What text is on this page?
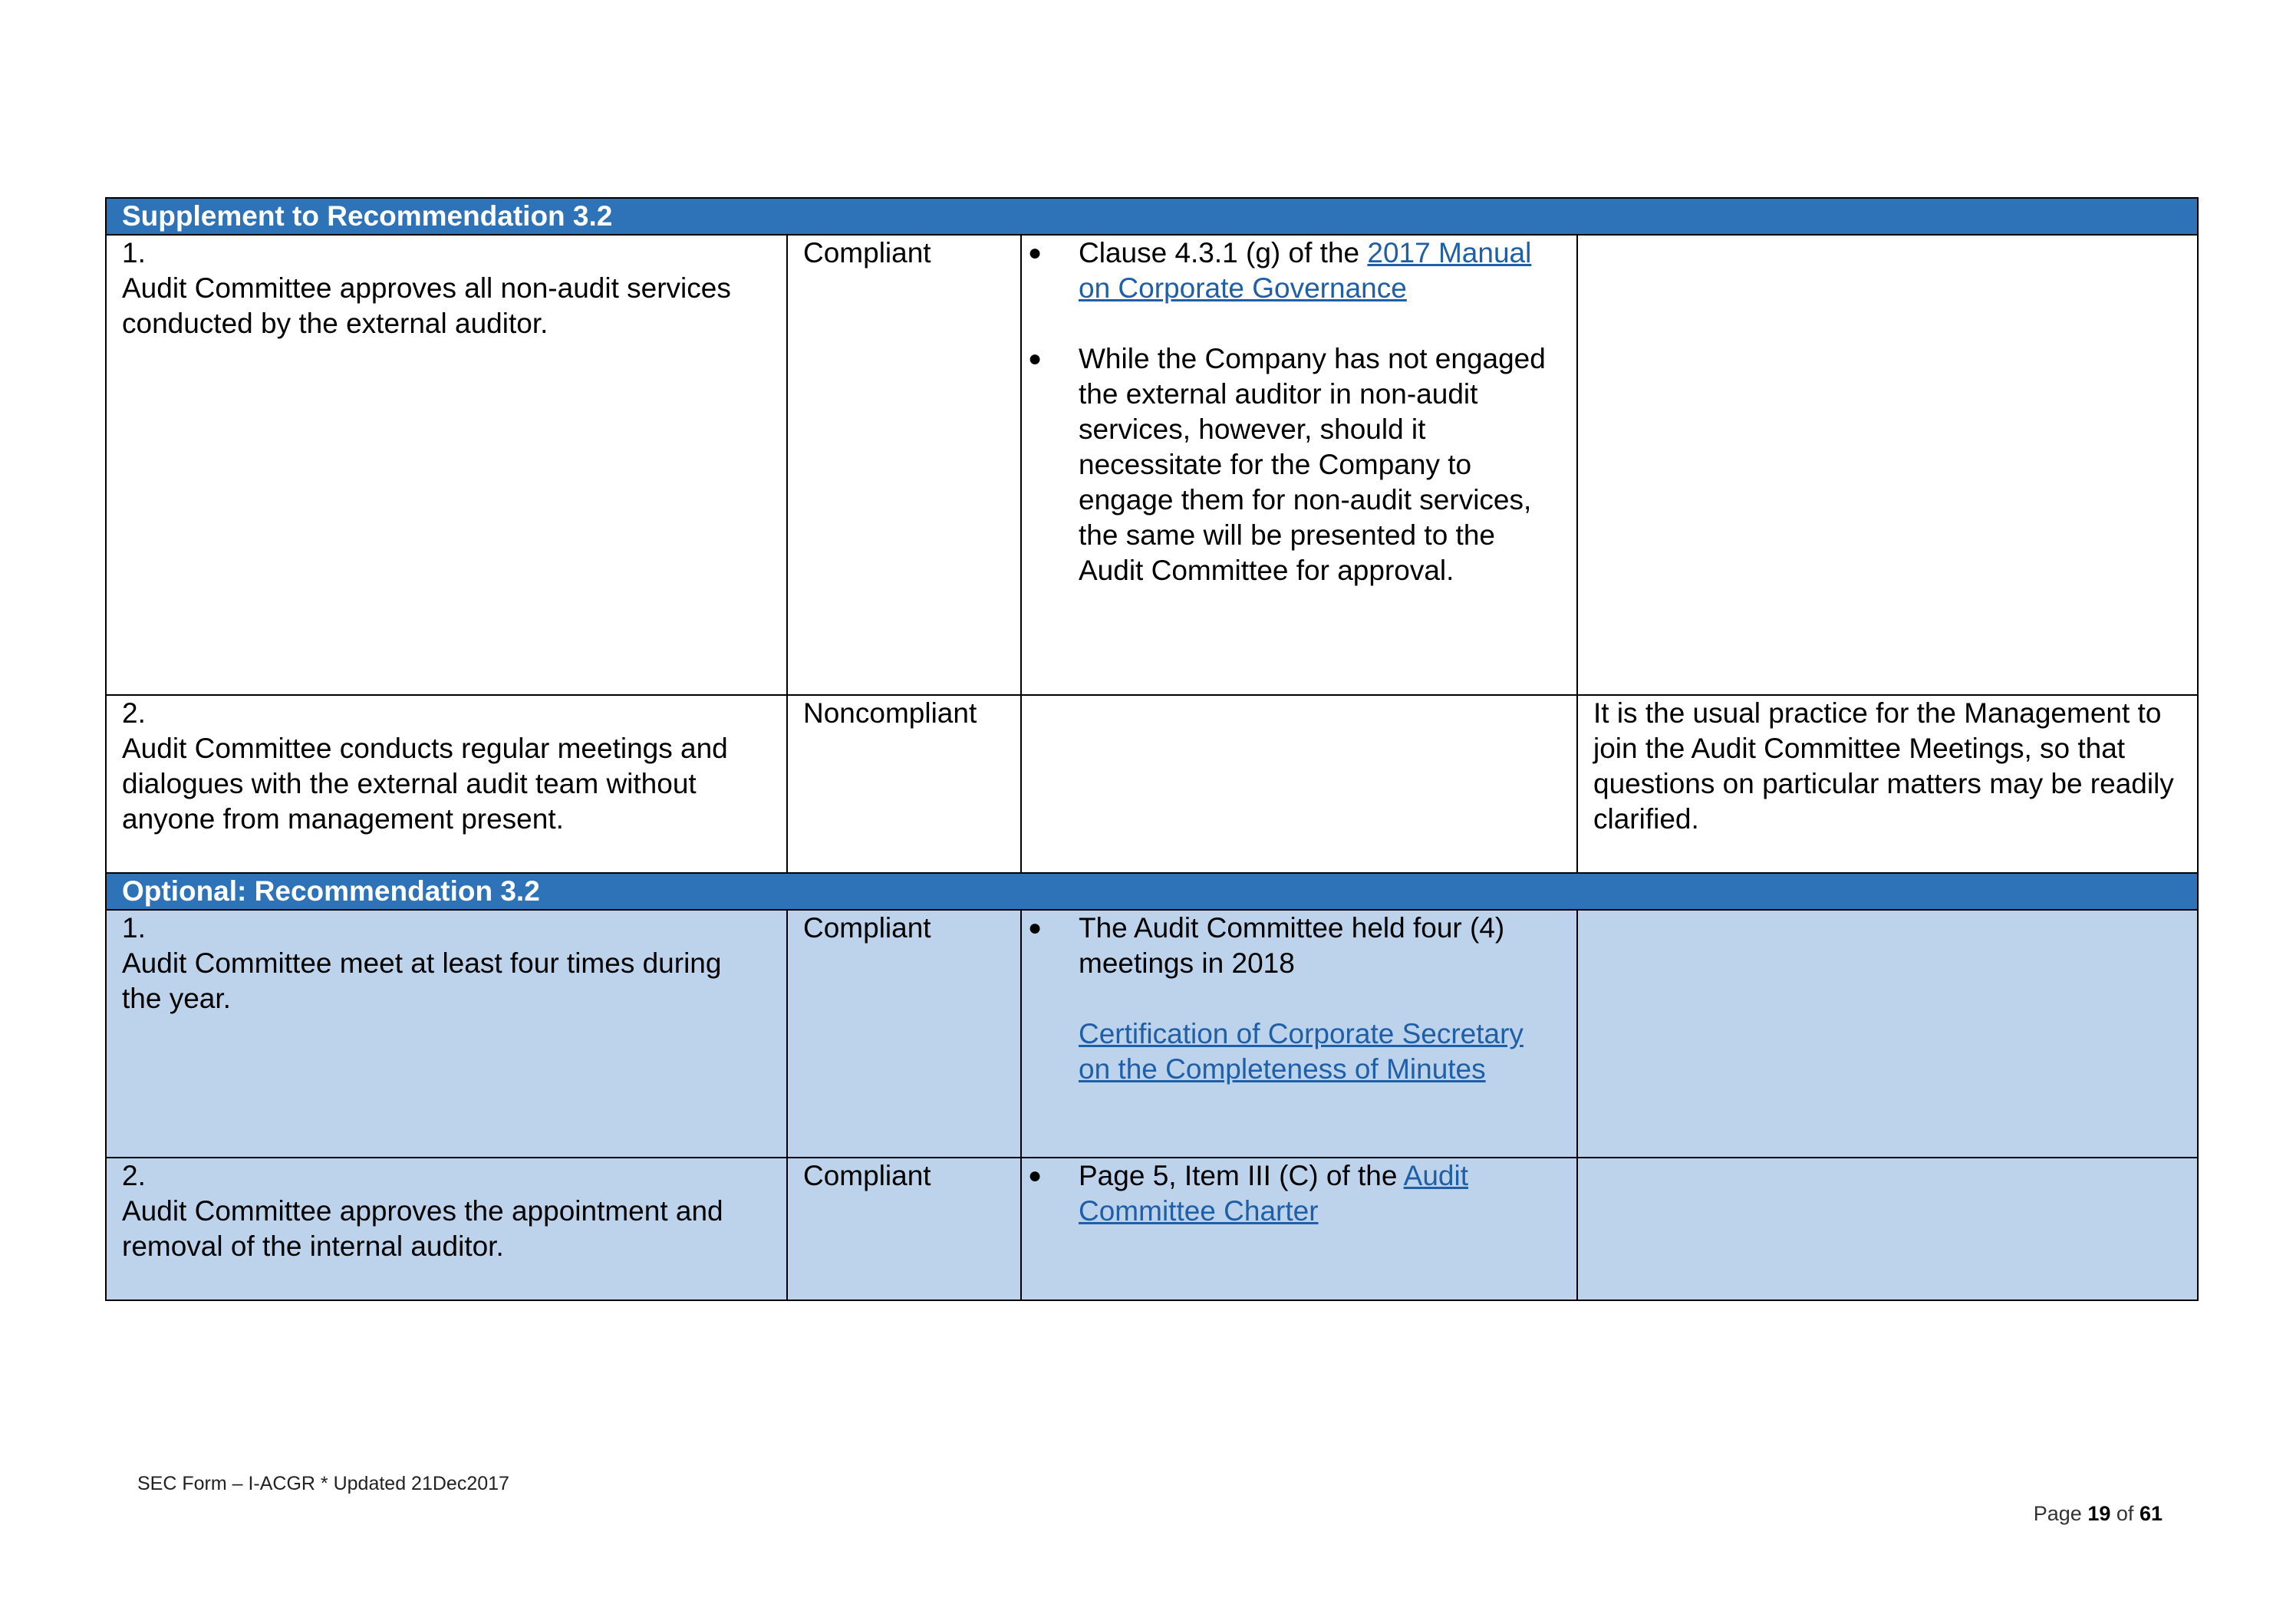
Supplement to Recommendation 3.2			
1.Audit Committee approves all non-audit services conducted by the external auditor.	Compliant	● Clause 4.3.1 (g) of the 2017 Manual on Corporate Governance
● While the Company has not engaged the external auditor in non-audit services, however, should it necessitate for the Company to engage them for non-audit services, the same will be presented to the Audit Committee for approval.	

2.Audit Committee conducts regular meetings and dialogues with the external audit team without anyone from management present.	Noncompliant		It is the usual practice for the Management to join the Audit Committee Meetings, so that questions on particular matters may be readily clarified.
Optional: Recommendation 3.2			
1.Audit Committee meet at least four times during the year.	Compliant	● The Audit Committee held four (4) meetings in 2018
Certification of Corporate Secretary on the Completeness of Minutes	

2.Audit Committee approves the appointment and removal of the internal auditor.	Compliant	● Page 5, Item III (C) of the Audit Committee Charter	

SEC Form – I-ACGR * Updated 21Dec2017
Page 19 of 61
